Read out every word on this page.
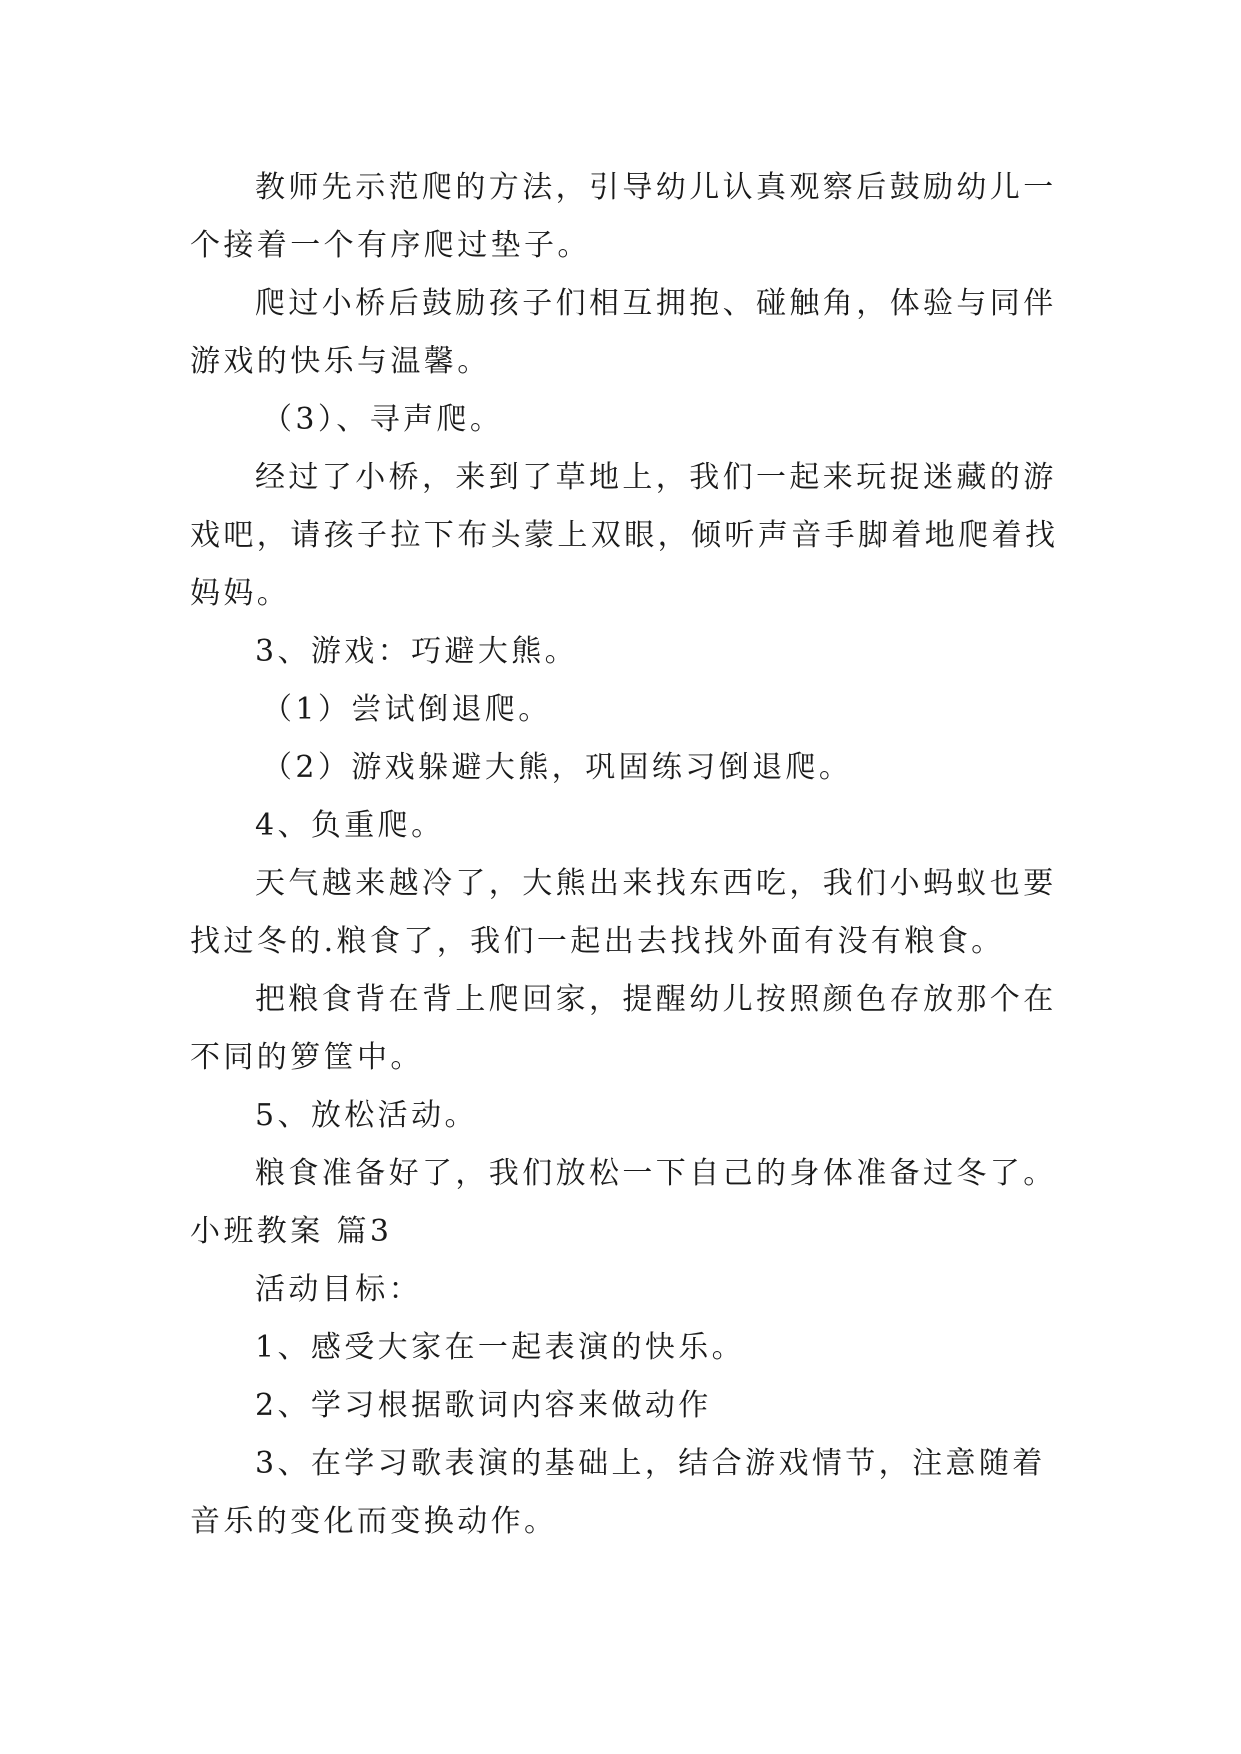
教师先示范爬的方法，引导幼儿认真观察后鼓励幼儿一
个接着一个有序爬过垫子。
爬过小桥后鼓励孩子们相互拥抱、碰触角，体验与同伴
游戏的快乐与温馨。
（3）、寻声爬。
经过了小桥，来到了草地上，我们一起来玩捉迷藏的游
戏吧，请孩子拉下布头蒙上双眼，倾听声音手脚着地爬着找
妈妈。
3、游戏：巧避大熊。
（1）尝试倒退爬。
（2）游戏躲避大熊，巩固练习倒退爬。
4、负重爬。
天气越来越冷了，大熊出来找东西吃，我们小蚂蚁也要
找过冬的.粮食了，我们一起出去找找外面有没有粮食。
把粮食背在背上爬回家，提醒幼儿按照颜色存放那个在
不同的箩筐中。
5、放松活动。
粮食准备好了，我们放松一下自己的身体准备过冬了。
小班教案 篇3
活动目标：
1、感受大家在一起表演的快乐。
2、学习根据歌词内容来做动作
3、在学习歌表演的基础上，结合游戏情节，注意随着
音乐的变化而变换动作。
